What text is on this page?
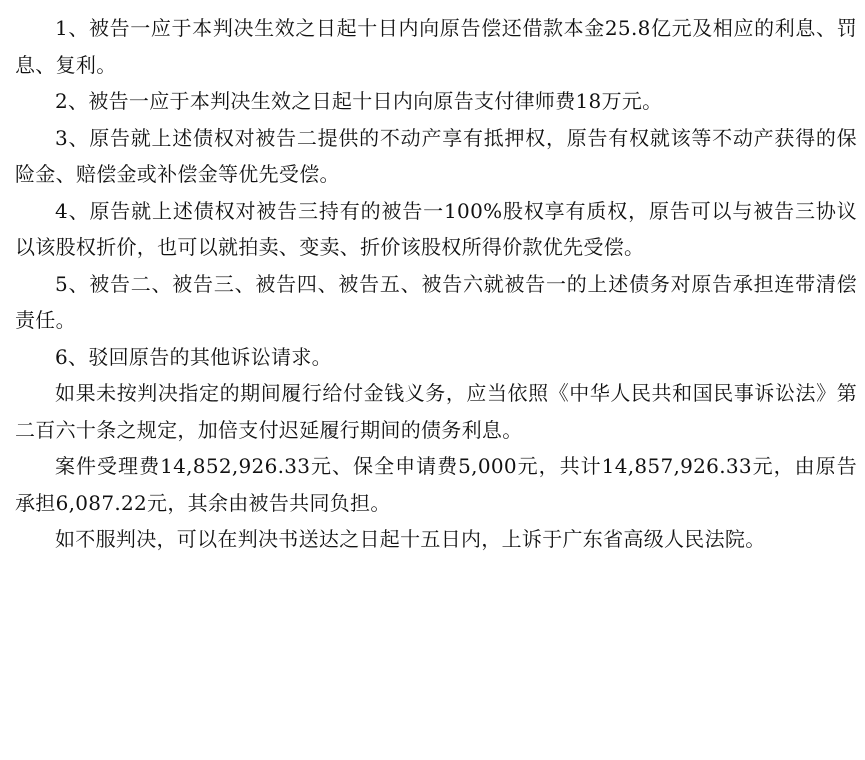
1、被告一应于本判决生效之日起十日内向原告偿还借款本金25.8亿元及相应的利息、罚息、复利。

2、被告一应于本判决生效之日起十日内向原告支付律师费18万元。

3、原告就上述债权对被告二提供的不动产享有抵押权，原告有权就该等不动产获得的保险金、赔偿金或补偿金等优先受偿。

4、原告就上述债权对被告三持有的被告一100%股权享有质权，原告可以与被告三协议以该股权折价，也可以就拍卖、变卖、折价该股权所得价款优先受偿。

5、被告二、被告三、被告四、被告五、被告六就被告一的上述债务对原告承担连带清偿责任。

6、驳回原告的其他诉讼请求。

如果未按判决指定的期间履行给付金钱义务，应当依照《中华人民共和国民事诉讼法》第二百六十条之规定，加倍支付迟延履行期间的债务利息。

案件受理费14,852,926.33元、保全申请费5,000元，共计14,857,926.33元，由原告承担6,087.22元，其余由被告共同负担。

如不服判决，可以在判决书送达之日起十五日内，上诉于广东省高级人民法院。
